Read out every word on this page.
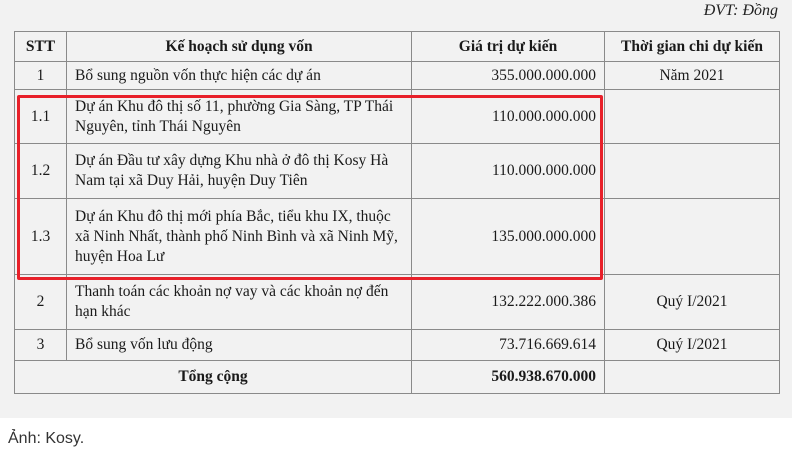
ĐVT: Đồng
STT	Kế hoạch sử dụng vốn	Giá trị dự kiến	Thời gian chi dự kiến
1	Bổ sung nguồn vốn thực hiện các dự án	355.000.000.000	Năm 2021
1.1	Dự án Khu đô thị số 11, phường Gia Sàng, TP Thái Nguyên, tỉnh Thái Nguyên	110.000.000.000	
1.2	Dự án Đầu tư xây dựng Khu nhà ở đô thị Kosy Hà Nam tại xã Duy Hải, huyện Duy Tiên	110.000.000.000	
1.3	Dự án Khu đô thị mới phía Bắc, tiểu khu IX, thuộc xã Ninh Nhất, thành phố Ninh Bình và xã Ninh Mỹ, huyện Hoa Lư	135.000.000.000	
2	Thanh toán các khoản nợ vay và các khoản nợ đến hạn khác	132.222.000.386	Quý I/2021
3	Bổ sung vốn lưu động	73.716.669.614	Quý I/2021
Tổng cộng		560.938.670.000	
Ảnh: Kosy.
